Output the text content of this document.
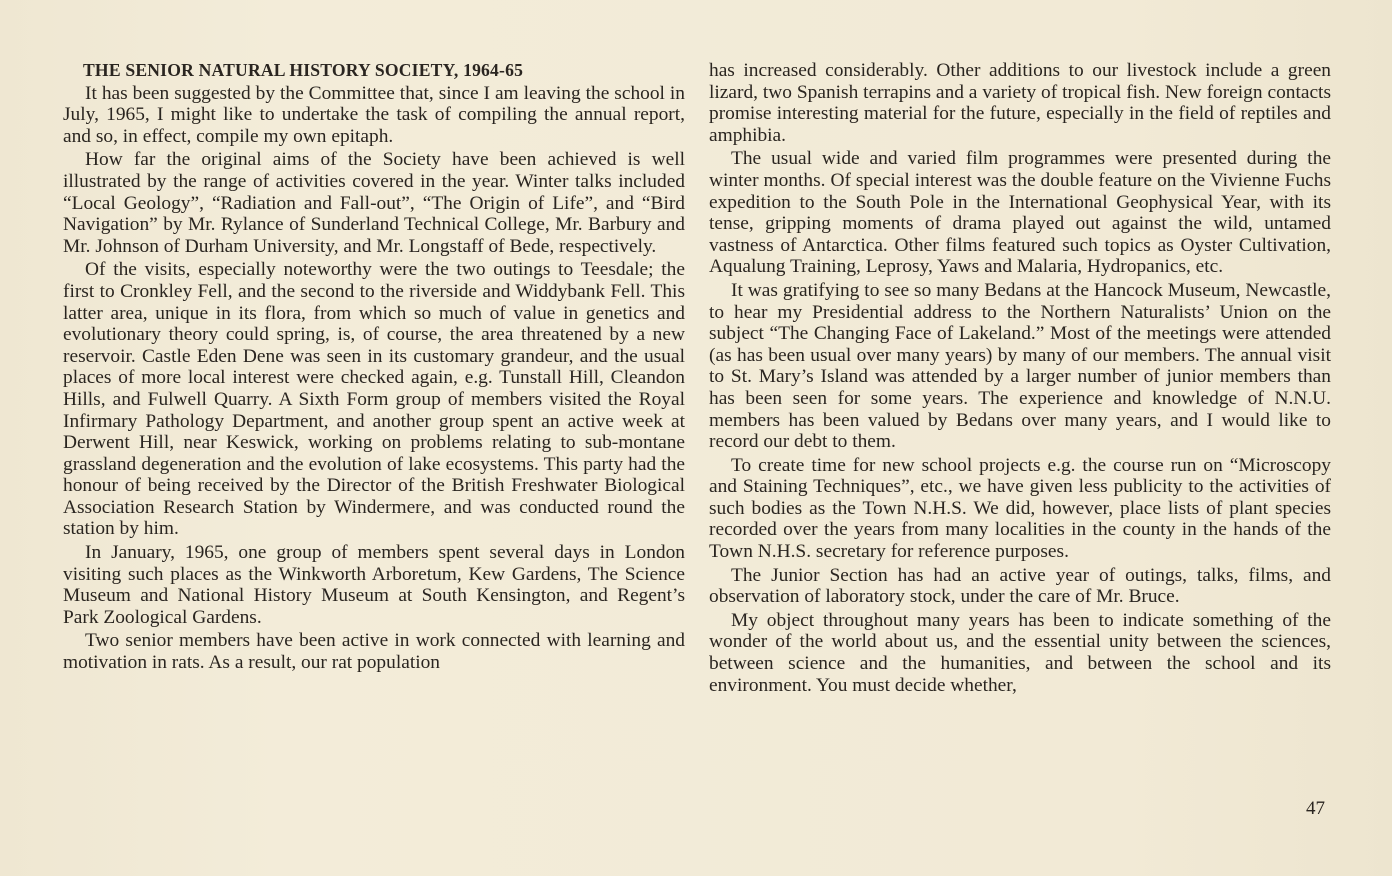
THE SENIOR NATURAL HISTORY SOCIETY, 1964-65

It has been suggested by the Committee that, since I am leaving the school in July, 1965, I might like to undertake the task of compiling the annual report, and so, in effect, compile my own epitaph.

How far the original aims of the Society have been achieved is well illustrated by the range of activities covered in the year. Winter talks included “Local Geology”, “Radiation and Fall-out”, “The Origin of Life”, and “Bird Navigation” by Mr. Rylance of Sunderland Technical College, Mr. Barbury and Mr. Johnson of Durham University, and Mr. Longstaff of Bede, respectively.

Of the visits, especially noteworthy were the two outings to Teesdale; the first to Cronkley Fell, and the second to the riverside and Widdybank Fell. This latter area, unique in its flora, from which so much of value in genetics and evolutionary theory could spring, is, of course, the area threatened by a new reservoir. Castle Eden Dene was seen in its customary grandeur, and the usual places of more local interest were checked again, e.g. Tunstall Hill, Cleandon Hills, and Fulwell Quarry. A Sixth Form group of members visited the Royal Infirmary Pathology Department, and another group spent an active week at Derwent Hill, near Keswick, working on problems relating to sub-montane grassland degeneration and the evolution of lake ecosystems. This party had the honour of being received by the Director of the British Freshwater Biological Association Research Station by Windermere, and was conducted round the station by him.

In January, 1965, one group of members spent several days in London visiting such places as the Winkworth Arboretum, Kew Gardens, The Science Museum and National History Museum at South Kensington, and Regent’s Park Zoological Gardens.

Two senior members have been active in work connected with learning and motivation in rats. As a result, our rat population

has increased considerably. Other additions to our livestock include a green lizard, two Spanish terrapins and a variety of tropical fish. New foreign contacts promise interesting material for the future, especially in the field of reptiles and amphibia.

The usual wide and varied film programmes were presented during the winter months. Of special interest was the double feature on the Vivienne Fuchs expedition to the South Pole in the International Geophysical Year, with its tense, gripping moments of drama played out against the wild, untamed vastness of Antarctica. Other films featured such topics as Oyster Cultivation, Aqualung Training, Leprosy, Yaws and Malaria, Hydropanics, etc.

It was gratifying to see so many Bedans at the Hancock Museum, Newcastle, to hear my Presidential address to the Northern Naturalists’ Union on the subject “The Changing Face of Lakeland.” Most of the meetings were attended (as has been usual over many years) by many of our members. The annual visit to St. Mary’s Island was attended by a larger number of junior members than has been seen for some years. The experience and knowledge of N.N.U. members has been valued by Bedans over many years, and I would like to record our debt to them.

To create time for new school projects e.g. the course run on “Microscopy and Staining Techniques”, etc., we have given less publicity to the activities of such bodies as the Town N.H.S. We did, however, place lists of plant species recorded over the years from many localities in the county in the hands of the Town N.H.S. secretary for reference purposes.

The Junior Section has had an active year of outings, talks, films, and observation of laboratory stock, under the care of Mr. Bruce.

My object throughout many years has been to indicate something of the wonder of the world about us, and the essential unity between the sciences, between science and the humanities, and between the school and its environment. You must decide whether,

47
